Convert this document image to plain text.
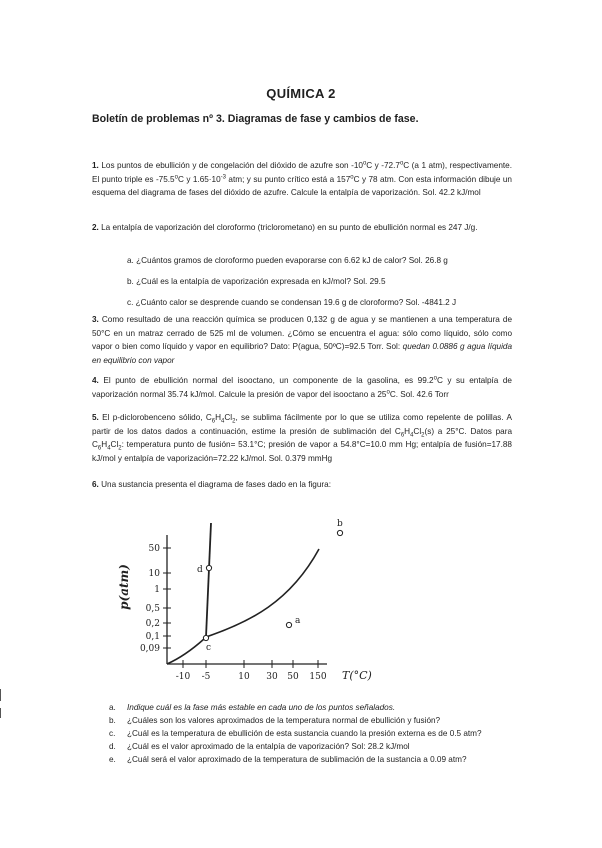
QUÍMICA 2
Boletín de problemas nº 3. Diagramas de fase y cambios de fase.
1. Los puntos de ebullición y de congelación del dióxido de azufre son -10$^o$C y -72.7$^o$C (a 1 atm), respectivamente. El punto triple es -75.5$^o$C y $1.65\cdot 10^{-3}$ atm; y su punto crítico está a 157$^o$C y 78 atm. Con esta información dibuje un esquema del diagrama de fases del dióxido de azufre. Calcule la entalpía de vaporización. Sol. 42.2 kJ/mol
2. La entalpía de vaporización del cloroformo (triclorometano) en su punto de ebullición normal es 247 J/g.
a. ¿Cuántos gramos de cloroformo pueden evaporarse con 6.62 kJ de calor? Sol. 26.8 g
b. ¿Cuál es la entalpía de vaporización expresada en kJ/mol? Sol. 29.5
c. ¿Cuánto calor se desprende cuando se condensan 19.6 g de cloroformo? Sol. -4841.2 J
3. Como resultado de una reacción química se producen 0,132 g de agua y se mantienen a una temperatura de 50°C en un matraz cerrado de 525 ml de volumen. ¿Cómo se encuentra el agua: sólo como líquido, sólo como vapor o bien como líquido y vapor en equilibrio? Dato: P(agua, 50ºC)=92.5 Torr. Sol: quedan 0.0886 g agua líquida en equilibrio con vapor
4. El punto de ebullición normal del isooctano, un componente de la gasolina, es 99.2$^o$C y su entalpía de vaporización normal 35.74 kJ/mol. Calcule la presión de vapor del isooctano a 25$^o$C. Sol. 42.6 Torr
5. El p-diclorobenceno sólido, $C_6H_4Cl_2$, se sublima fácilmente por lo que se utiliza como repelente de polillas. A partir de los datos dados a continuación, estime la presión de sublimación del $C_6H_4Cl_2(s)$ a 25°C. Datos para $C_6H_4Cl_2$: temperatura punto de fusión= 53.1°C; presión de vapor a 54.8°C=10.0 mm Hg; entalpía de fusión=17.88 kJ/mol y entalpía de vaporización=72.22 kJ/mol. Sol. 0.379 mmHg
6. Una sustancia presenta el diagrama de fases dado en la figura:
50
10
1
0,5
0,2
0,1
0,09
-10 -5	10 30 50 150 T(°C)
p(atm)
c
d
a
b
a. Indique cuál es la fase más estable en cada uno de los puntos señalados.
b. ¿Cuáles son los valores aproximados de la temperatura normal de ebullición y fusión?
c. ¿Cuál es la temperatura de ebullición de esta sustancia cuando la presión externa es de 0.5 atm?
d. ¿Cuál es el valor aproximado de la entalpía de vaporización? Sol: 28.2 kJ/mol
e. ¿Cuál será el valor aproximado de la temperatura de sublimación de la sustancia a 0.09 atm?
